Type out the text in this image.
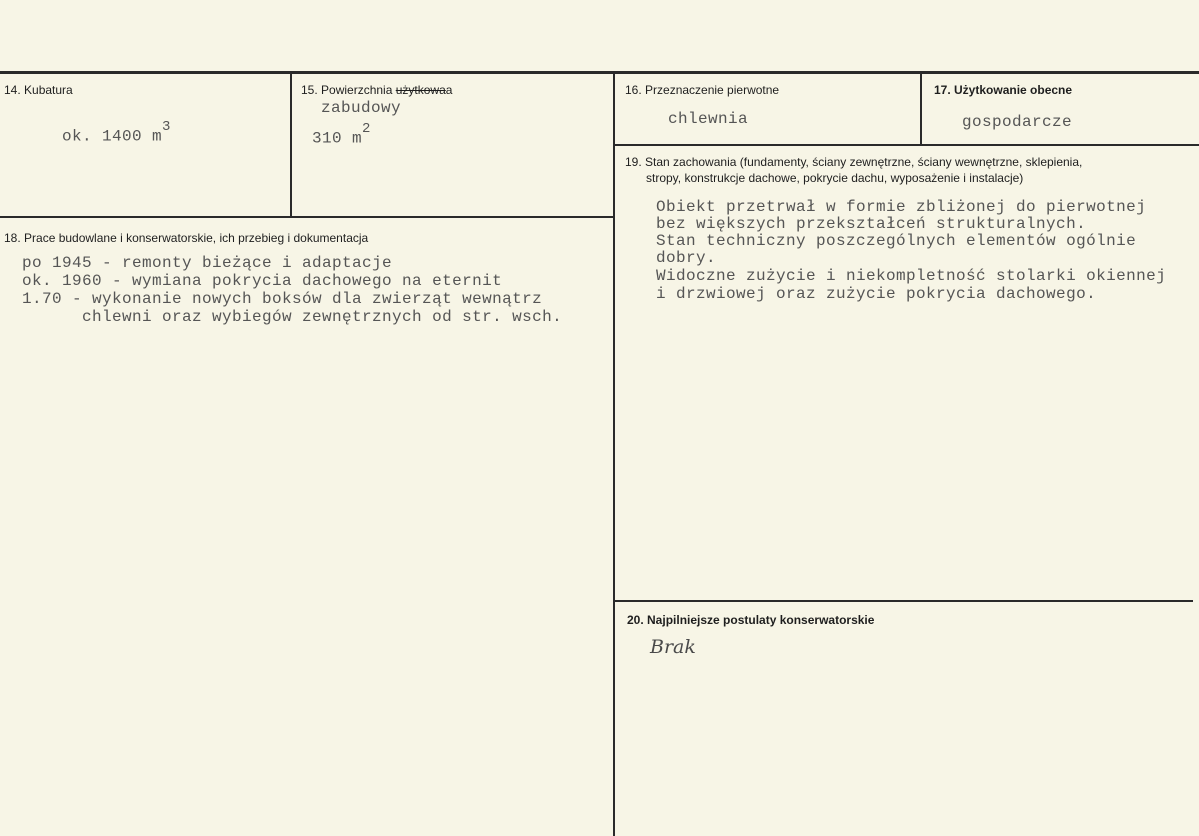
14. Kubatura
ok. 1400 $m^3$
15. Powierzchnia użytkowaa
zabudowy
310 $m^2$
16. Przeznaczenie pierwotne
chlewnia
17. Użytkowanie obecne
gospodarcze
18. Prace budowlane i konserwatorskie, ich przebieg i dokumentacja
po 1945 - remonty bieżące i adaptacje
ok. 1960 - wymiana pokrycia dachowego na eternit
1.70 - wykonanie nowych boksów dla zwierząt wewnątrz
chlewni oraz wybiegów zewnętrznych od str. wsch.
19. Stan zachowania (fundamenty, ściany zewnętrzne, ściany wewnętrzne, sklepienia,
stropy, konstrukcje dachowe, pokrycie dachu, wyposażenie i instalacje)
Obiekt przetrwał w formie zbliżonej do pierwotnej
bez większych przekształceń strukturalnych.
Stan techniczny poszczególnych elementów ogólnie
dobry.
Widoczne zużycie i niekompletność stolarki okiennej
i drzwiowej oraz zużycie pokrycia dachowego.
20. Najpilniejsze postulaty konserwatorskie
Brak
